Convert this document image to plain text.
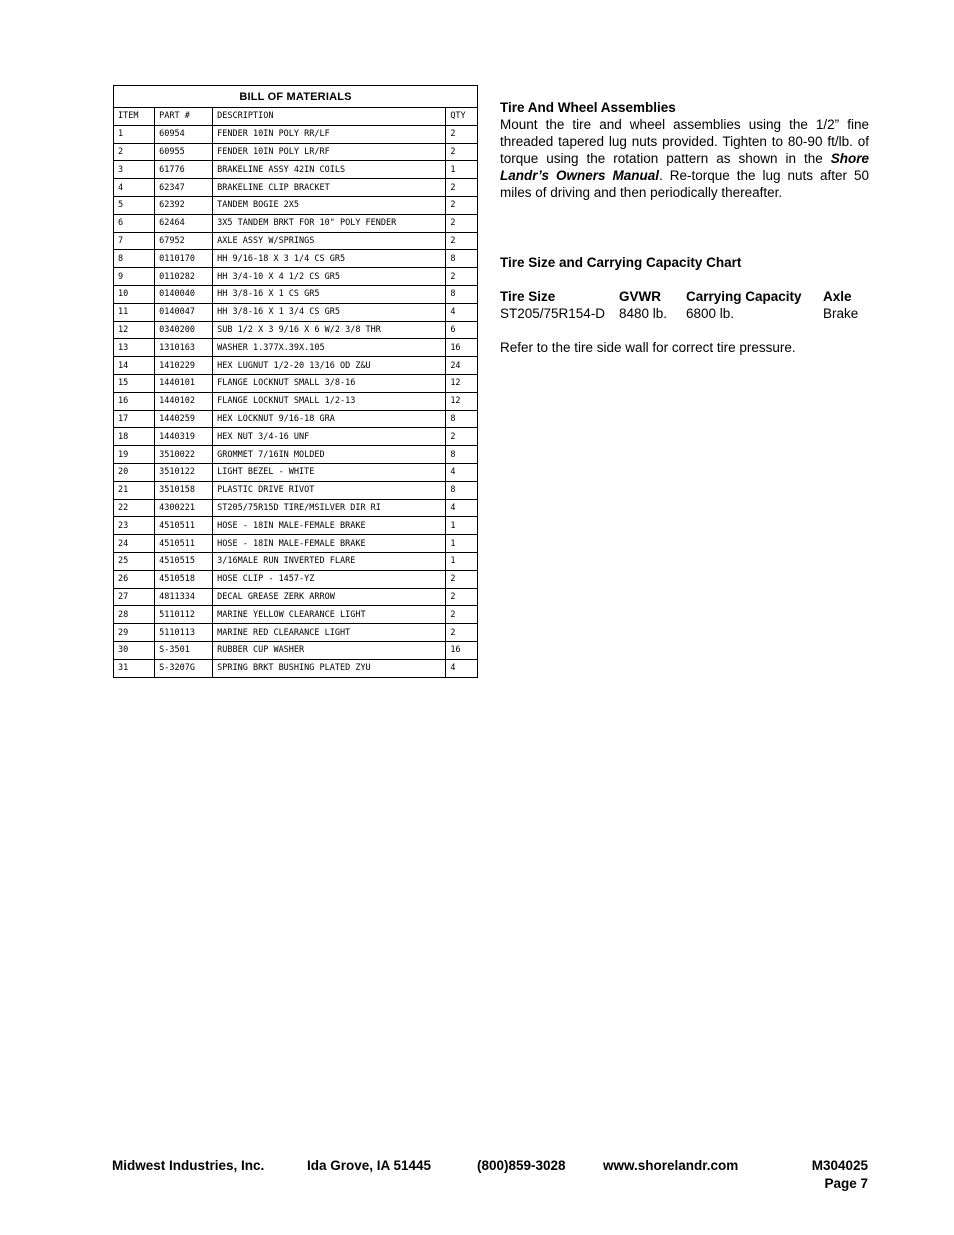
BILL OF MATERIALS			
ITEM	PART #	DESCRIPTION	QTY
1	60954	FENDER 10IN POLY RR/LF	2
2	60955	FENDER 10IN POLY LR/RF	2
3	61776	BRAKELINE ASSY 42IN COILS	1
4	62347	BRAKELINE CLIP BRACKET	2
5	62392	TANDEM BOGIE 2X5	2
6	62464	3X5 TANDEM BRKT FOR 10" POLY FENDER	2
7	67952	AXLE ASSY W/SPRINGS	2
8	0110170	HH 9/16-18 X 3 1/4 CS GR5	8
9	0110282	HH 3/4-10 X 4 1/2 CS GR5	2
10	0140040	HH 3/8-16 X 1 CS GR5	8
11	0140047	HH 3/8-16 X 1 3/4 CS GR5	4
12	0340200	SUB 1/2 X 3 9/16 X 6 W/2 3/8 THR	6
13	1310163	WASHER 1.377X.39X.105	16
14	1410229	HEX LUGNUT 1/2-20 13/16 OD Z&U	24
15	1440101	FLANGE LOCKNUT SMALL 3/8-16	12
16	1440102	FLANGE LOCKNUT SMALL 1/2-13	12
17	1440259	HEX LOCKNUT 9/16-18 GRA	8
18	1440319	HEX NUT 3/4-16 UNF	2
19	3510022	GROMMET 7/16IN MOLDED	8
20	3510122	LIGHT BEZEL - WHITE	4
21	3510158	PLASTIC DRIVE RIVOT	8
22	4300221	ST205/75R15D TIRE/MSILVER DIR RI	4
23	4510511	HOSE - 18IN MALE-FEMALE BRAKE	1
24	4510511	HOSE - 18IN MALE-FEMALE BRAKE	1
25	4510515	3/16MALE RUN INVERTED FLARE	1
26	4510518	HOSE CLIP - 1457-YZ	2
27	4811334	DECAL GREASE ZERK ARROW	2
28	5110112	MARINE YELLOW CLEARANCE LIGHT	2
29	5110113	MARINE RED CLEARANCE LIGHT	2
30	S-3501	RUBBER CUP WASHER	16
31	S-3207G	SPRING BRKT BUSHING PLATED ZYU	4
Tire And Wheel Assemblies
Mount the tire and wheel assemblies using the 1/2” fine threaded tapered lug nuts provided. Tighten to 80-90 ft/lb. of torque using the rotation pattern as shown in the Shore Landr’s Owners Manual. Re-torque the lug nuts after 50 miles of driving and then periodically thereafter.
Tire Size and Carrying Capacity Chart
Tire Size	GVWR	Carrying Capacity	Axle
ST205/75R154-D	8480 lb.	6800 lb.	Brake
Refer to the tire side wall for correct tire pressure.
Midwest Industries, Inc.	Ida Grove, IA 51445	(800)859-3028	www.shorelandr.com	M304025
Page 7
